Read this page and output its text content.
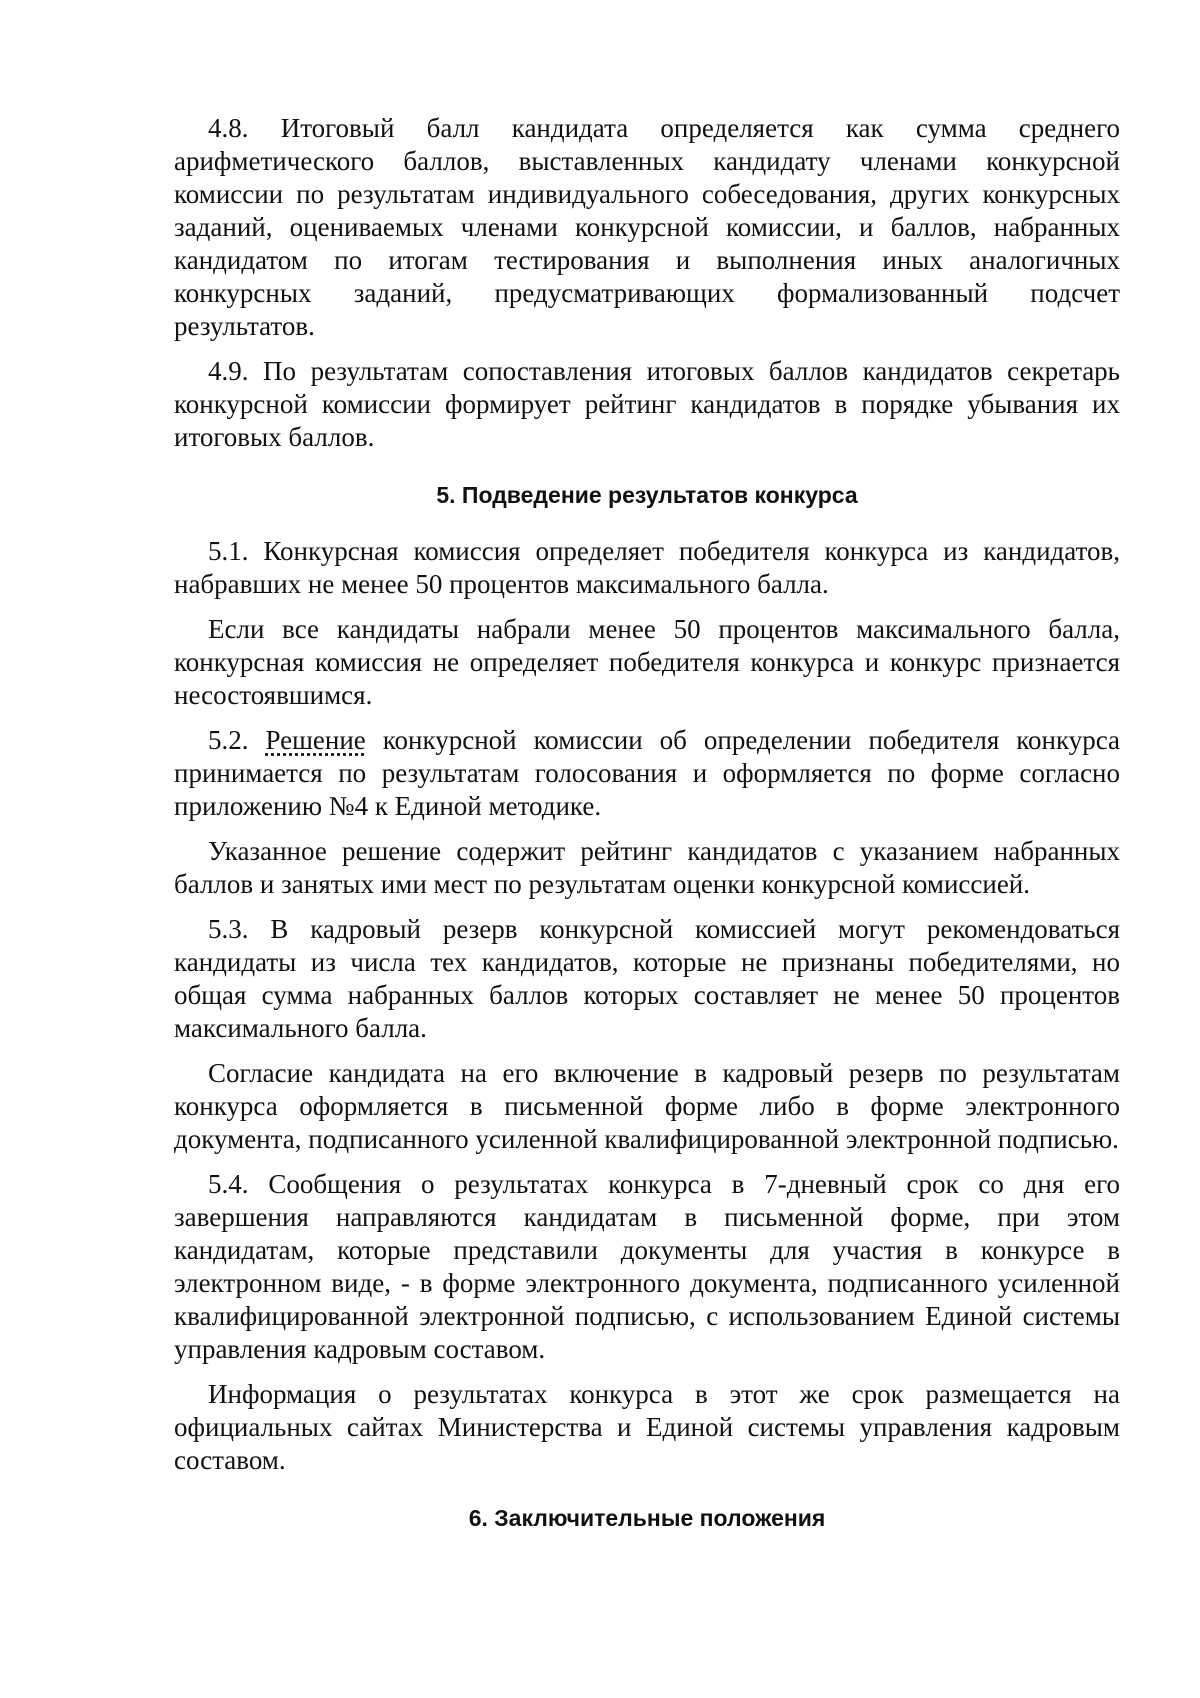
4.8. Итоговый балл кандидата определяется как сумма среднего арифметического баллов, выставленных кандидату членами конкурсной комиссии по результатам индивидуального собеседования, других конкурсных заданий, оцениваемых членами конкурсной комиссии, и баллов, набранных кандидатом по итогам тестирования и выполнения иных аналогичных конкурсных заданий, предусматривающих формализованный подсчет результатов.

4.9. По результатам сопоставления итоговых баллов кандидатов секретарь конкурсной комиссии формирует рейтинг кандидатов в порядке убывания их итоговых баллов.

5. Подведение результатов конкурса

5.1. Конкурсная комиссия определяет победителя конкурса из кандидатов, набравших не менее 50 процентов максимального балла.

Если все кандидаты набрали менее 50 процентов максимального балла, конкурсная комиссия не определяет победителя конкурса и конкурс признается несостоявшимся.

5.2. Решение конкурсной комиссии об определении победителя конкурса принимается по результатам голосования и оформляется по форме согласно приложению №4 к Единой методике.

Указанное решение содержит рейтинг кандидатов с указанием набранных баллов и занятых ими мест по результатам оценки конкурсной комиссией.

5.3. В кадровый резерв конкурсной комиссией могут рекомендоваться кандидаты из числа тех кандидатов, которые не признаны победителями, но общая сумма набранных баллов которых составляет не менее 50 процентов максимального балла.

Согласие кандидата на его включение в кадровый резерв по результатам конкурса оформляется в письменной форме либо в форме электронного документа, подписанного усиленной квалифицированной электронной подписью.

5.4. Сообщения о результатах конкурса в 7-дневный срок со дня его завершения направляются кандидатам в письменной форме, при этом кандидатам, которые представили документы для участия в конкурсе в электронном виде, - в форме электронного документа, подписанного усиленной квалифицированной электронной подписью, с использованием Единой системы управления кадровым составом.

Информация о результатах конкурса в этот же срок размещается на официальных сайтах Министерства и Единой системы управления кадровым составом.

6. Заключительные положения
